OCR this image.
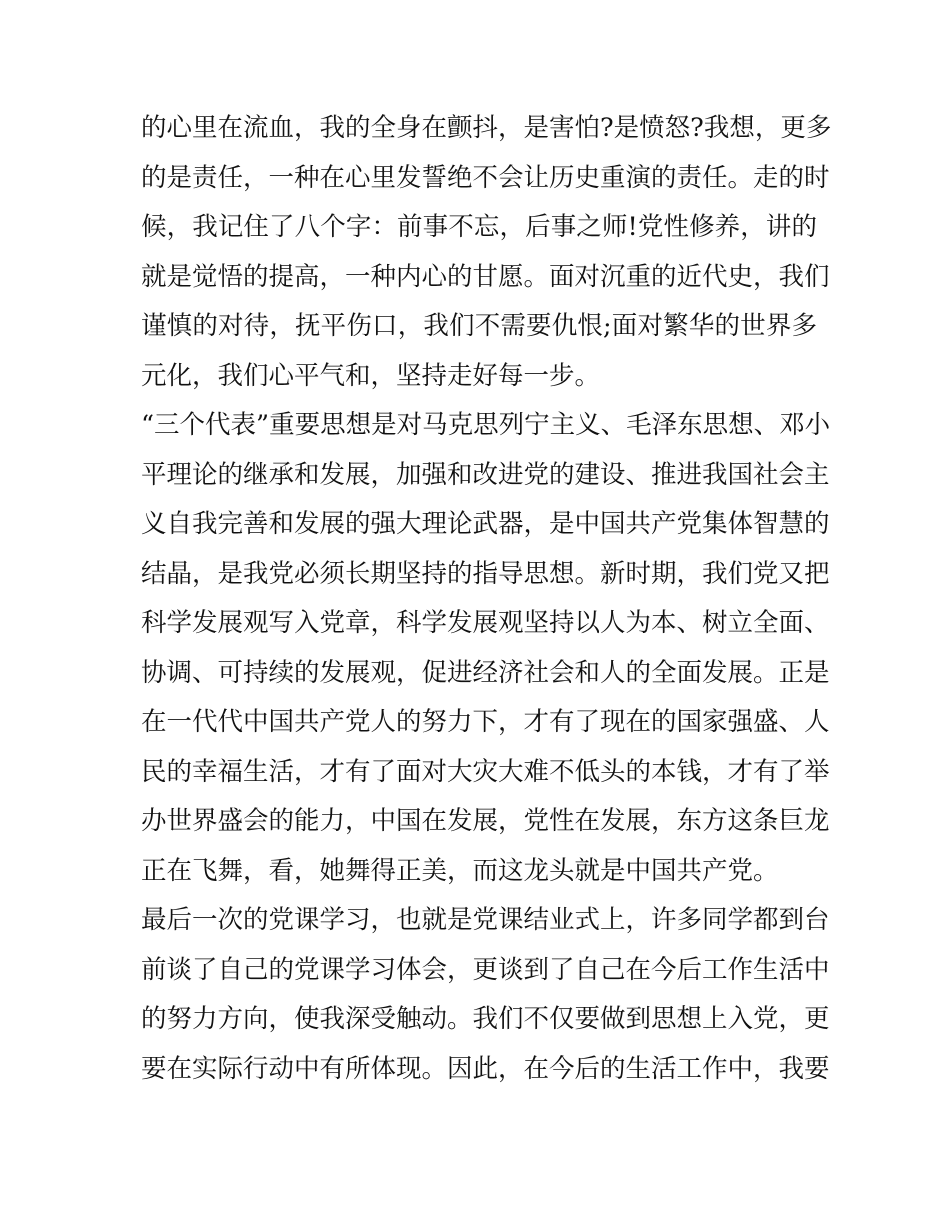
的心里在流血，我的全身在颤抖，是害怕?是愤怒?我想，更多
的是责任，一种在心里发誓绝不会让历史重演的责任。走的时
候，我记住了八个字：前事不忘，后事之师!党性修养，讲的
就是觉悟的提高，一种内心的甘愿。面对沉重的近代史，我们
谨慎的对待，抚平伤口，我们不需要仇恨;面对繁华的世界多
元化，我们心平气和，坚持走好每一步。
“三个代表”重要思想是对马克思列宁主义、毛泽东思想、邓小
平理论的继承和发展，加强和改进党的建设、推进我国社会主
义自我完善和发展的强大理论武器，是中国共产党集体智慧的
结晶，是我党必须长期坚持的指导思想。新时期，我们党又把
科学发展观写入党章，科学发展观坚持以人为本、树立全面、
协调、可持续的发展观，促进经济社会和人的全面发展。正是
在一代代中国共产党人的努力下，才有了现在的国家强盛、人
民的幸福生活，才有了面对大灾大难不低头的本钱，才有了举
办世界盛会的能力，中国在发展，党性在发展，东方这条巨龙
正在飞舞，看，她舞得正美，而这龙头就是中国共产党。
最后一次的党课学习，也就是党课结业式上，许多同学都到台
前谈了自己的党课学习体会，更谈到了自己在今后工作生活中
的努力方向，使我深受触动。我们不仅要做到思想上入党，更
要在实际行动中有所体现。因此，在今后的生活工作中，我要
